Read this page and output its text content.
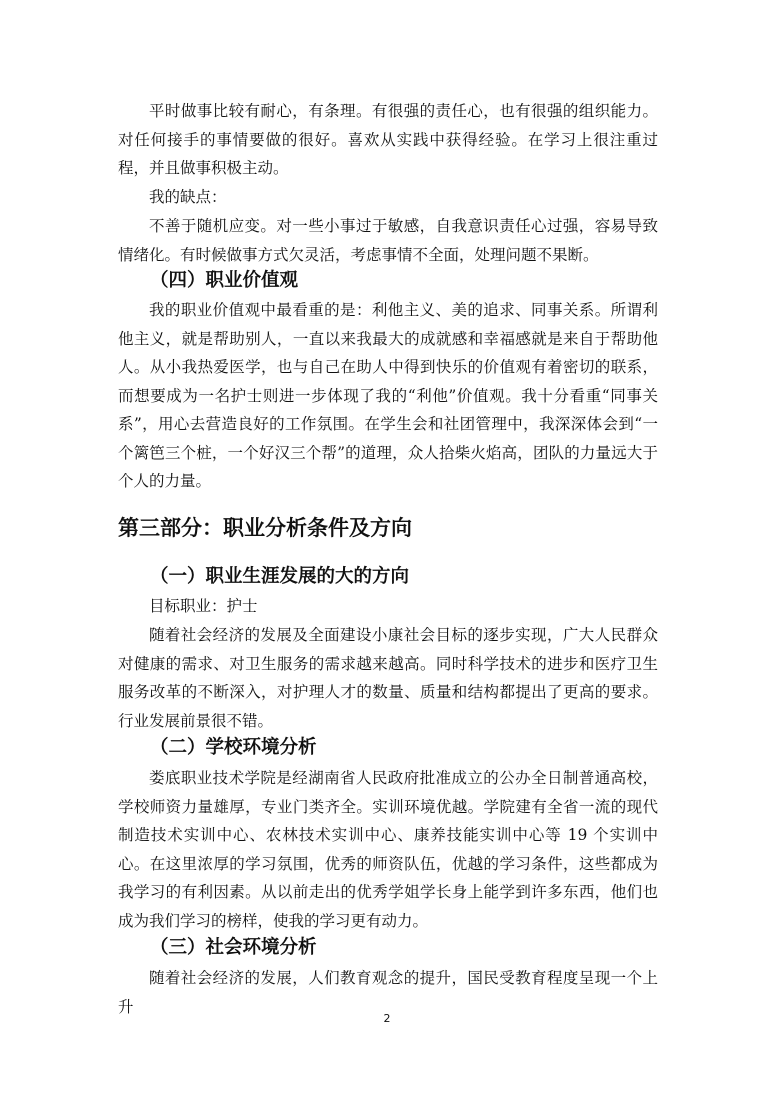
平时做事比较有耐心，有条理。有很强的责任心，也有很强的组织能力。对任何接手的事情要做的很好。喜欢从实践中获得经验。在学习上很注重过程，并且做事积极主动。

我的缺点：

不善于随机应变。对一些小事过于敏感，自我意识责任心过强，容易导致情绪化。有时候做事方式欠灵活，考虑事情不全面，处理问题不果断。

（四）职业价值观

我的职业价值观中最看重的是：利他主义、美的追求、同事关系。所谓利他主义，就是帮助别人，一直以来我最大的成就感和幸福感就是来自于帮助他人。从小我热爱医学，也与自己在助人中得到快乐的价值观有着密切的联系，而想要成为一名护士则进一步体现了我的“利他”价值观。我十分看重“同事关系”，用心去营造良好的工作氛围。在学生会和社团管理中，我深深体会到“一个篱笆三个桩，一个好汉三个帮”的道理，众人拾柴火焰高，团队的力量远大于个人的力量。

第三部分：职业分析条件及方向
（一）职业生涯发展的大的方向

目标职业：护士

随着社会经济的发展及全面建设小康社会目标的逐步实现，广大人民群众对健康的需求、对卫生服务的需求越来越高。同时科学技术的进步和医疗卫生服务改革的不断深入，对护理人才的数量、质量和结构都提出了更高的要求。行业发展前景很不错。

（二）学校环境分析

娄底职业技术学院是经湖南省人民政府批准成立的公办全日制普通高校，学校师资力量雄厚，专业门类齐全。实训环境优越。学院建有全省一流的现代制造技术实训中心、农林技术实训中心、康养技能实训中心等 19 个实训中心。在这里浓厚的学习氛围，优秀的师资队伍，优越的学习条件，这些都成为我学习的有利因素。从以前走出的优秀学姐学长身上能学到许多东西，他们也成为我们学习的榜样，使我的学习更有动力。

（三）社会环境分析

随着社会经济的发展，人们教育观念的提升，国民受教育程度呈现一个上升

2
